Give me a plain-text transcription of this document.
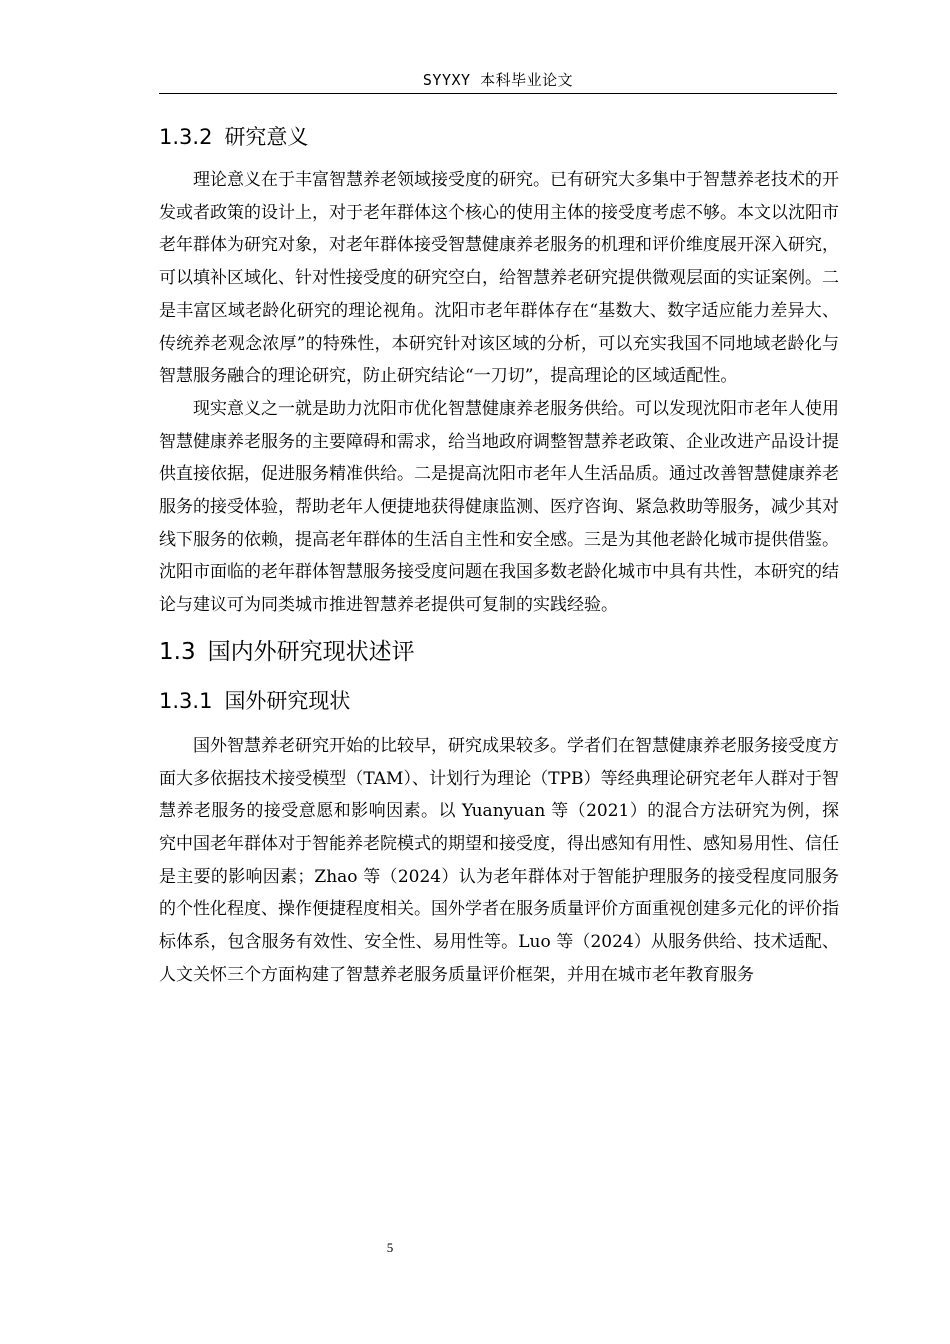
SYYXY 本科毕业论文
1.3.2 研究意义

理论意义在于丰富智慧养老领域接受度的研究。已有研究大多集中于智慧养老技术的开发或者政策的设计上，对于老年群体这个核心的使用主体的接受度考虑不够。本文以沈阳市老年群体为研究对象，对老年群体接受智慧健康养老服务的机理和评价维度展开深入研究，可以填补区域化、针对性接受度的研究空白，给智慧养老研究提供微观层面的实证案例。二是丰富区域老龄化研究的理论视角。沈阳市老年群体存在“基数大、数字适应能力差异大、传统养老观念浓厚”的特殊性，本研究针对该区域的分析，可以充实我国不同地域老龄化与智慧服务融合的理论研究，防止研究结论“一刀切”，提高理论的区域适配性。

现实意义之一就是助力沈阳市优化智慧健康养老服务供给。可以发现沈阳市老年人使用智慧健康养老服务的主要障碍和需求，给当地政府调整智慧养老政策、企业改进产品设计提供直接依据，促进服务精准供给。二是提高沈阳市老年人生活品质。通过改善智慧健康养老服务的接受体验，帮助老年人便捷地获得健康监测、医疗咨询、紧急救助等服务，减少其对线下服务的依赖，提高老年群体的生活自主性和安全感。三是为其他老龄化城市提供借鉴。沈阳市面临的老年群体智慧服务接受度问题在我国多数老龄化城市中具有共性，本研究的结论与建议可为同类城市推进智慧养老提供可复制的实践经验。

1.3 国内外研究现状述评
1.3.1 国外研究现状

国外智慧养老研究开始的比较早，研究成果较多。学者们在智慧健康养老服务接受度方面大多依据技术接受模型（TAM）、计划行为理论（TPB）等经典理论研究老年人群对于智慧养老服务的接受意愿和影响因素。以 Yuanyuan 等（2021）的混合方法研究为例，探究中国老年群体对于智能养老院模式的期望和接受度，得出感知有用性、感知易用性、信任是主要的影响因素；Zhao 等（2024）认为老年群体对于智能护理服务的接受程度同服务的个性化程度、操作便捷程度相关。国外学者在服务质量评价方面重视创建多元化的评价指标体系，包含服务有效性、安全性、易用性等。Luo 等（2024）从服务供给、技术适配、人文关怀三个方面构建了智慧养老服务质量评价框架，并用在城市老年教育服务

5
